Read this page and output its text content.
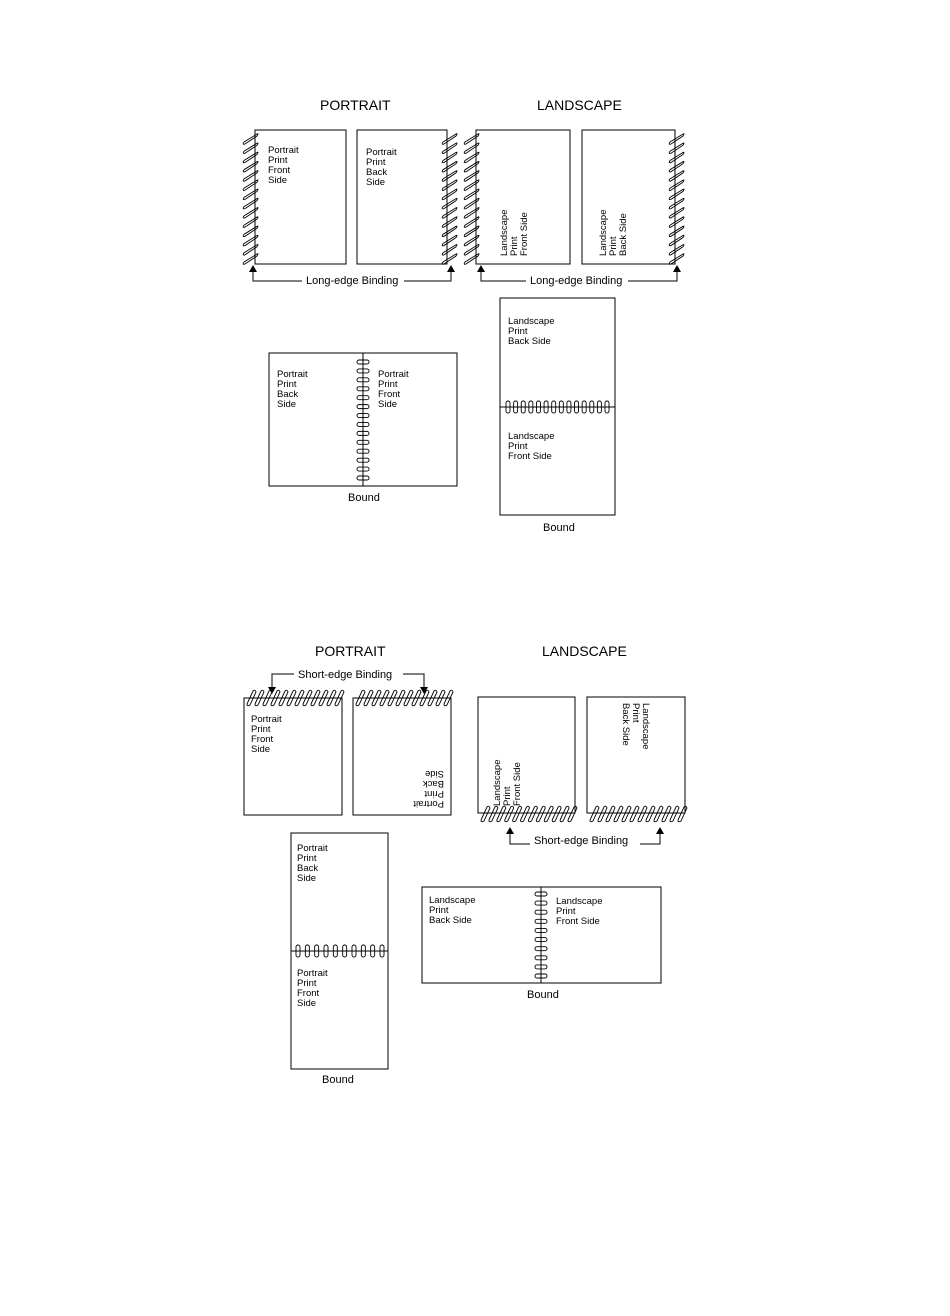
PORTRAIT	LANDSCAPE
Portrait Print Front Side
Portrait Print Back Side
Long-edge Binding
Landscape Print Front Side	Landscape Print Back Side
Long-edge Binding
Portrait Print Back Side
Portrait Print Front Side
Bound
Landscape Print Back Side
Landscape Print Front Side
Bound
PORTRAIT	LANDSCAPE
Short-edge Binding
Portrait Print Front Side
Portrait Print Back Side	Landscape Print Front Side
Landscape Print Back Side
Short-edge Binding
Portrait Print Back Side
Portrait Print Front Side
Bound
Landscape Print Back Side
Landscape Print Front Side
Bound
